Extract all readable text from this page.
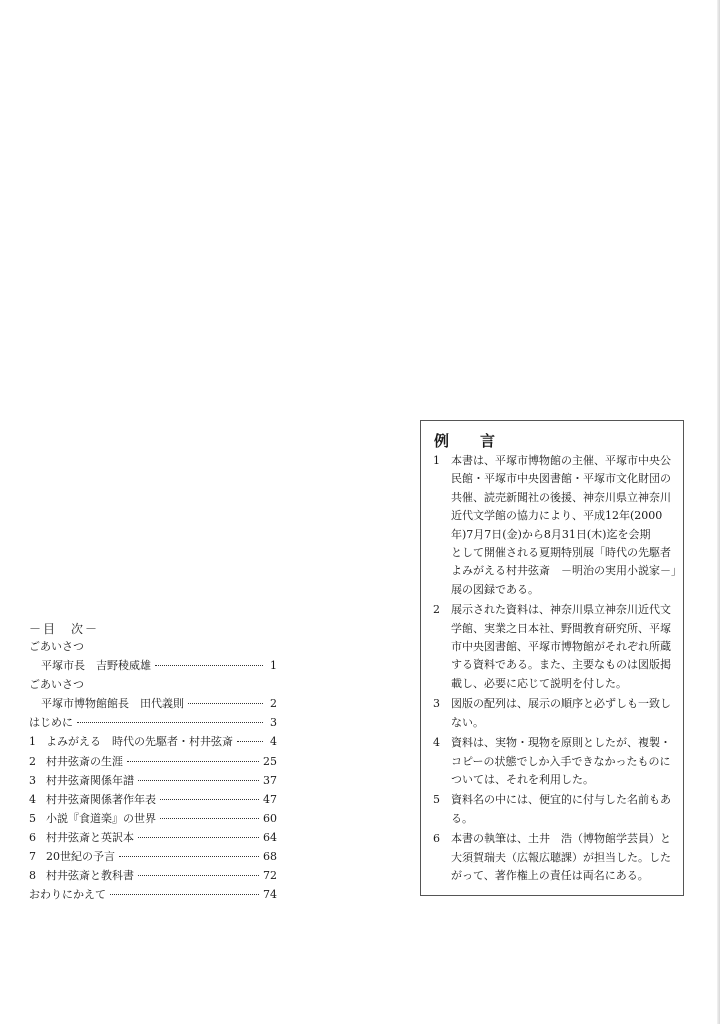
－目　次－
ごあいさつ
平塚市長　吉野稜威雄	1
ごあいさつ
平塚市博物館館長　田代義則	2
はじめに	3
1 よみがえる　時代の先駆者・村井弦斎	4
2 村井弦斎の生涯	25
3 村井弦斎関係年譜	37
4 村井弦斎関係著作年表	47
5 小説『食道楽』の世界	60
6 村井弦斎と英訳本	64
7 20世紀の予言	68
8 村井弦斎と教科書	72
おわりにかえて	74
例　言
1	本書は、平塚市博物館の主催、平塚市中央公
民館・平塚市中央図書館・平塚市文化財団の
共催、読売新聞社の後援、神奈川県立神奈川
近代文学館の協力により、平成12年(2000
年)7月7日(金)から8月31日(木)迄を会期
として開催される夏期特別展「時代の先駆者
よみがえる村井弦斎　－明治の実用小説家－」
展の図録である。
2	展示された資料は、神奈川県立神奈川近代文
学館、実業之日本社、野間教育研究所、平塚
市中央図書館、平塚市博物館がそれぞれ所蔵
する資料である。また、主要なものは図版掲
載し、必要に応じて説明を付した。
3	図版の配列は、展示の順序と必ずしも一致し
ない。
4	資料は、実物・現物を原則としたが、複製・
コピーの状態でしか入手できなかったものに
ついては、それを利用した。
5	資料名の中には、便宜的に付与した名前もあ
る。
6	本書の執筆は、土井　浩（博物館学芸員）と
大須賀瑞夫（広報広聴課）が担当した。した
がって、著作権上の責任は両名にある。
